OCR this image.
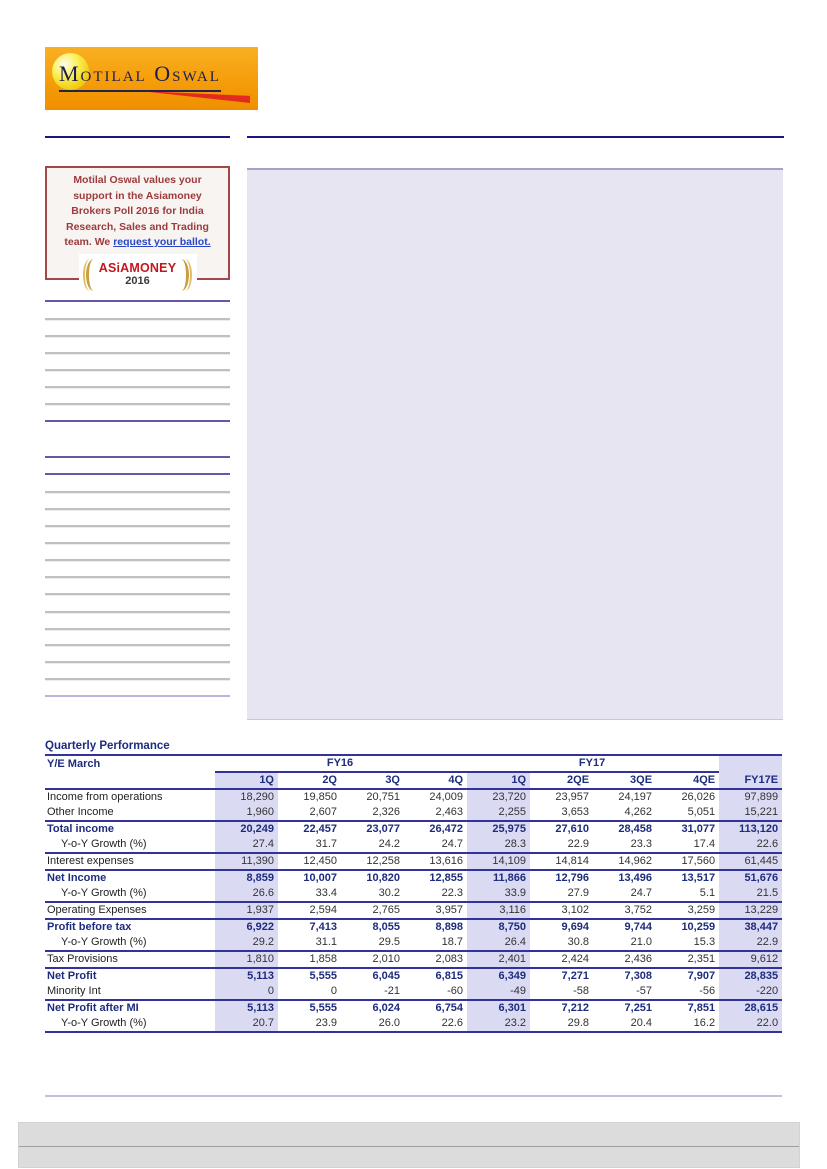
Motilal Oswal
Motilal Oswal values your support in the Asiamoney Brokers Poll 2016 for India Research, Sales and Trading team. We request your ballot.
ASiAMONEY
2016
Quarterly Performance
Y/E March	FY16				FY17				
	1Q	2Q	3Q	4Q	1Q	2QE	3QE	4QE	FY17E
Income from operations	18,290	19,850	20,751	24,009	23,720	23,957	24,197	26,026	97,899
Other Income	1,960	2,607	2,326	2,463	2,255	3,653	4,262	5,051	15,221
Total income	20,249	22,457	23,077	26,472	25,975	27,610	28,458	31,077	113,120
Y-o-Y Growth (%)	27.4	31.7	24.2	24.7	28.3	22.9	23.3	17.4	22.6
Interest expenses	11,390	12,450	12,258	13,616	14,109	14,814	14,962	17,560	61,445
Net Income	8,859	10,007	10,820	12,855	11,866	12,796	13,496	13,517	51,676
Y-o-Y Growth (%)	26.6	33.4	30.2	22.3	33.9	27.9	24.7	5.1	21.5
Operating Expenses	1,937	2,594	2,765	3,957	3,116	3,102	3,752	3,259	13,229
Profit before tax	6,922	7,413	8,055	8,898	8,750	9,694	9,744	10,259	38,447
Y-o-Y Growth (%)	29.2	31.1	29.5	18.7	26.4	30.8	21.0	15.3	22.9
Tax Provisions	1,810	1,858	2,010	2,083	2,401	2,424	2,436	2,351	9,612
Net Profit	5,113	5,555	6,045	6,815	6,349	7,271	7,308	7,907	28,835
Minority Int	0	0	-21	-60	-49	-58	-57	-56	-220
Net Profit after MI	5,113	5,555	6,024	6,754	6,301	7,212	7,251	7,851	28,615
Y-o-Y Growth (%)	20.7	23.9	26.0	22.6	23.2	29.8	20.4	16.2	22.0
